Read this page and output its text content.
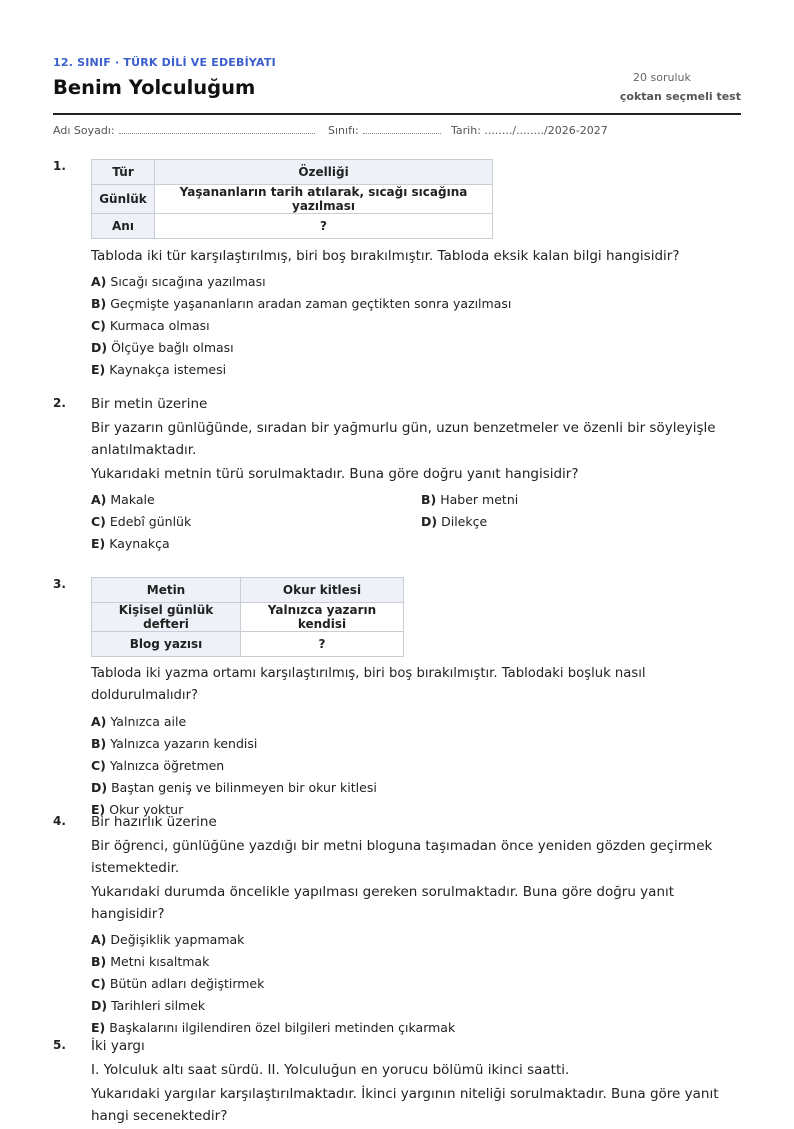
12. SINIF · TÜRK DİLİ VE EDEBİYATI
Benim Yolculuğum	20 soruluk
çoktan seçmeli test
Adı Soyadı:	Sınıfı:	Tarih: ......../......../2026-2027
1.	Tür	Özelliği
Günlük	Yaşananların tarih atılarak, sıcağı sıcağına yazılması
Anı	?
Tabloda iki tür karşılaştırılmış, biri boş bırakılmıştır. Tabloda eksik kalan bilgi hangisidir?
A) Sıcağı sıcağına yazılması
B) Geçmişte yaşananların aradan zaman geçtikten sonra yazılması
C) Kurmaca olması
D) Ölçüye bağlı olması
E) Kaynakça istemesi
2. Bir metin üzerine
Bir yazarın günlüğünde, sıradan bir yağmurlu gün, uzun benzetmeler ve özenli bir söyleyişle anlatılmaktadır.
Yukarıdaki metnin türü sorulmaktadır. Buna göre doğru yanıt hangisidir?
A) Makale	B) Haber metni
C) Edebî günlük	D) Dilekçe
E) Kaynakça
3.	Metin	Okur kitlesi
Kişisel günlük defteri	Yalnızca yazarın kendisi
Blog yazısı	?
Tabloda iki yazma ortamı karşılaştırılmış, biri boş bırakılmıştır. Tablodaki boşluk nasıl doldurulmalıdır?
A) Yalnızca aile
B) Yalnızca yazarın kendisi
C) Yalnızca öğretmen
D) Baştan geniş ve bilinmeyen bir okur kitlesi
E) Okur yoktur
4. Bir hazırlık üzerine
Bir öğrenci, günlüğüne yazdığı bir metni bloguna taşımadan önce yeniden gözden geçirmek istemektedir.
Yukarıdaki durumda öncelikle yapılması gereken sorulmaktadır. Buna göre doğru yanıt hangisidir?
A) Değişiklik yapmamak
B) Metni kısaltmak
C) Bütün adları değiştirmek
D) Tarihleri silmek
E) Başkalarını ilgilendiren özel bilgileri metinden çıkarmak
5. İki yargı
I. Yolculuk altı saat sürdü. II. Yolculuğun en yorucu bölümü ikinci saatti.
Yukarıdaki yargılar karşılaştırılmaktadır. İkinci yargının niteliği sorulmaktadır. Buna göre yanıt hangi secenektedir?
